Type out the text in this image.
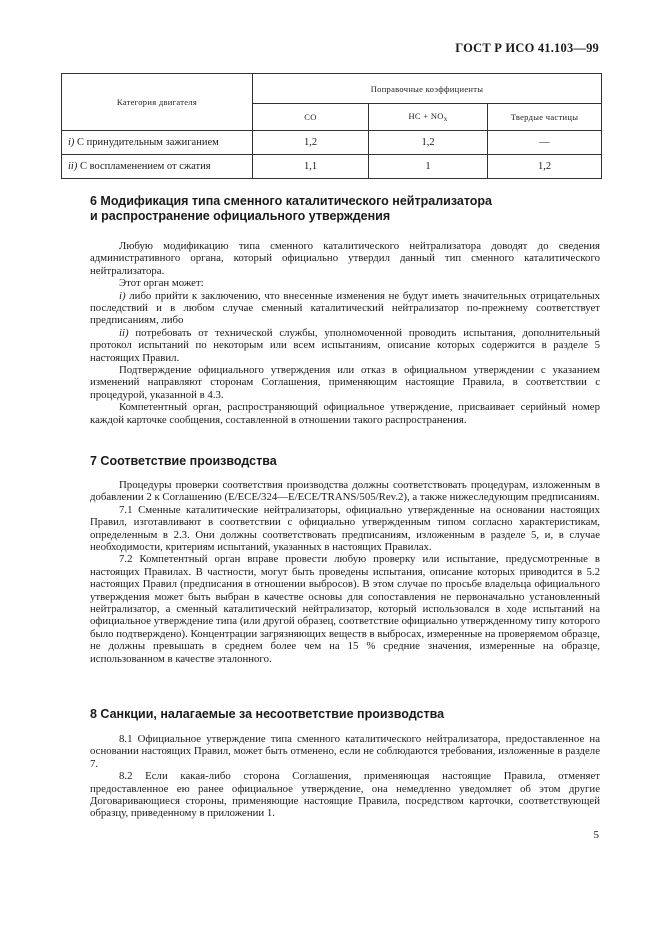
ГОСТ Р ИСО 41.103—99
Категория двигателя	Поправочные коэффициенты		
	CO	HC + $NO_x$	Твердые частицы
i) С принудительным зажиганием	1,2	1,2	—
ii) С воспламенением от сжатия	1,1	1	1,2
6 Модификация типа сменного каталитического нейтрализатора
и распространение официального утверждения

Любую модификацию типа сменного каталитического нейтрализатора доводят до сведения административного органа, который официально утвердил данный тип сменного каталитического нейтрализатора.

Этот орган может:

i) либо прийти к заключению, что внесенные изменения не будут иметь значительных отрицательных последствий и в любом случае сменный каталитический нейтрализатор по-прежнему соответствует предписаниям, либо

ii) потребовать от технической службы, уполномоченной проводить испытания, дополнительный протокол испытаний по некоторым или всем испытаниям, описание которых содержится в разделе 5 настоящих Правил.

Подтверждение официального утверждения или отказ в официальном утверждении с указанием изменений направляют сторонам Соглашения, применяющим настоящие Правила, в соответствии с процедурой, указанной в 4.3.

Компетентный орган, распространяющий официальное утверждение, присваивает серийный номер каждой карточке сообщения, составленной в отношении такого распространения.

7 Соответствие производства

Процедуры проверки соответствия производства должны соответствовать процедурам, изложенным в добавлении 2 к Соглашению (E/ECE/324—E/ECE/TRANS/505/Rev.2), а также нижеследующим предписаниям.

7.1 Сменные каталитические нейтрализаторы, официально утвержденные на основании настоящих Правил, изготавливают в соответствии с официально утвержденным типом согласно характеристикам, определенным в 2.3. Они должны соответствовать предписаниям, изложенным в разделе 5, и, в случае необходимости, критериям испытаний, указанных в настоящих Правилах.

7.2 Компетентный орган вправе провести любую проверку или испытание, предусмотренные в настоящих Правилах. В частности, могут быть проведены испытания, описание которых приводится в 5.2 настоящих Правил (предписания в отношении выбросов). В этом случае по просьбе владельца официального утверждения может быть выбран в качестве основы для сопоставления не первоначально установленный нейтрализатор, а сменный каталитический нейтрализатор, который использовался в ходе испытаний на официальное утверждение типа (или другой образец, соответствие официально утвержденному типу которого было подтверждено). Концентрации загрязняющих веществ в выбросах, измеренные на проверяемом образце, не должны превышать в среднем более чем на 15 % средние значения, измеренные на образце, использованном в качестве эталонного.

8 Санкции, налагаемые за несоответствие производства

8.1 Официальное утверждение типа сменного каталитического нейтрализатора, предоставленное на основании настоящих Правил, может быть отменено, если не соблюдаются требования, изложенные в разделе 7.

8.2 Если какая-либо сторона Соглашения, применяющая настоящие Правила, отменяет предоставленное ею ранее официальное утверждение, она немедленно уведомляет об этом другие Договаривающиеся стороны, применяющие настоящие Правила, посредством карточки, соответствующей образцу, приведенному в приложении 1.

5
